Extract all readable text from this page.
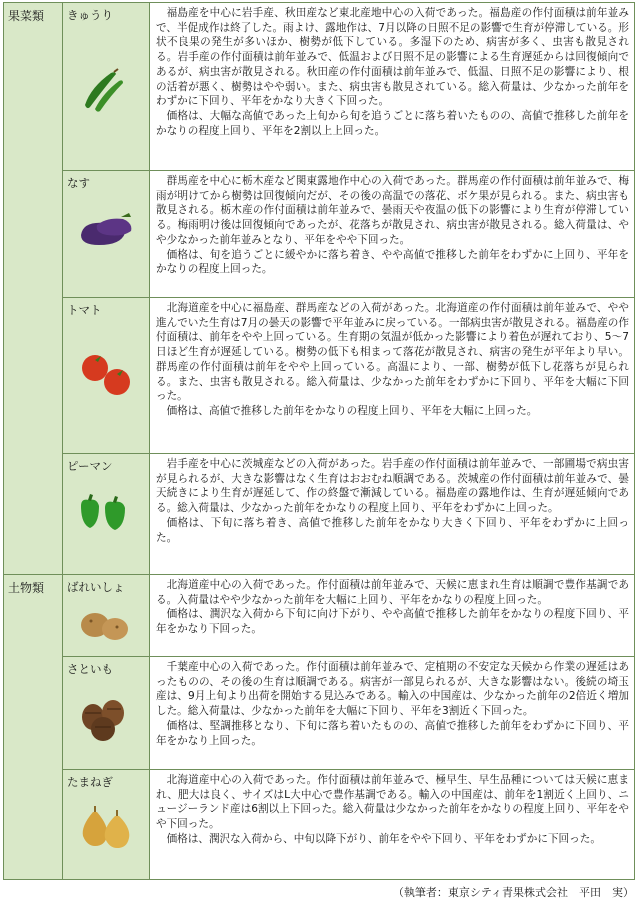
果菜類	きゅうり	福島産を中心に岩手産、秋田産など東北産地中心の入荷であった。福島産の作付面積は前年並みで、半促成作は終了した。雨よけ、露地作は、7月以降の日照不足の影響で生育が停滞している。形状不良果の発生が多いほか、樹勢が低下している。多湿下のため、病害が多く、虫害も散見される。岩手産の作付面積は前年並みで、低温および日照不足の影響による生育遅延からは回復傾向であるが、病虫害が散見される。秋田産の作付面積は前年並みで、低温、日照不足の影響により、根の活着が悪く、樹勢はやや弱い。また、病虫害も散見されている。総入荷量は、少なかった前年をわずかに下回り、平年をかなり大きく下回った。

価格は、大幅な高値であった上旬から旬を追うごとに落ち着いたものの、高値で推移した前年をかなりの程度上回り、平年を2割以上上回った。

	なす	群馬産を中心に栃木産など関東露地作中心の入荷であった。群馬産の作付面積は前年並みで、梅雨が明けてから樹勢は回復傾向だが、その後の高温での落花、ボケ果が見られる。また、病虫害も散見される。栃木産の作付面積は前年並みで、曇雨天や夜温の低下の影響により生育が停滞している。梅雨明け後は回復傾向であったが、花落ちが散見され、病虫害が散見される。総入荷量は、やや少なかった前年並みとなり、平年をやや下回った。

価格は、旬を追うごとに緩やかに落ち着き、やや高値で推移した前年をわずかに上回り、平年をかなりの程度上回った。

	トマト	北海道産を中心に福島産、群馬産などの入荷があった。北海道産の作付面積は前年並みで、やや進んでいた生育は7月の曇天の影響で平年並みに戻っている。一部病虫害が散見される。福島産の作付面積は、前年をやや上回っている。生育期の気温が低かった影響により着色が遅れており、5～7日ほど生育が遅延している。樹勢の低下も相まって落花が散見され、病害の発生が平年より早い。群馬産の作付面積は前年をやや上回っている。高温により、一部、樹勢が低下し花落ちが見られる。また、虫害も散見される。総入荷量は、少なかった前年をわずかに下回り、平年を大幅に下回った。

価格は、高値で推移した前年をかなりの程度上回り、平年を大幅に上回った。

	ピーマン	岩手産を中心に茨城産などの入荷があった。岩手産の作付面積は前年並みで、一部圃場で病虫害が見られるが、大きな影響はなく生育はおおむね順調である。茨城産の作付面積は前年並みで、曇天続きにより生育が遅延して、作の終盤で漸減している。福島産の露地作は、生育が遅延傾向である。総入荷量は、少なかった前年をかなりの程度上回り、平年をわずかに上回った。

価格は、下旬に落ち着き、高値で推移した前年をかなり大きく下回り、平年をわずかに上回った。

土物類	ばれいしょ	北海道産中心の入荷であった。作付面積は前年並みで、天候に恵まれ生育は順調で豊作基調である。入荷量はやや少なかった前年を大幅に上回り、平年をかなりの程度上回った。

価格は、潤沢な入荷から下旬に向け下がり、やや高値で推移した前年をかなりの程度下回り、平年をかなり下回った。

	さといも	千葉産中心の入荷であった。作付面積は前年並みで、定植期の不安定な天候から作業の遅延はあったものの、その後の生育は順調である。病害が一部見られるが、大きな影響はない。後続の埼玉産は、9月上旬より出荷を開始する見込みである。輸入の中国産は、少なかった前年の2倍近く増加した。総入荷量は、少なかった前年を大幅に下回り、平年を3割近く下回った。

価格は、堅調推移となり、下旬に落ち着いたものの、高値で推移した前年をわずかに下回り、平年をかなり上回った。

	たまねぎ	北海道産中心の入荷であった。作付面積は前年並みで、極早生、早生品種については天候に恵まれ、肥大は良く、サイズはL大中心で豊作基調である。輸入の中国産は、前年を1割近く上回り、ニュージーランド産は6割以上下回った。総入荷量は少なかった前年をかなりの程度上回り、平年をやや下回った。

価格は、潤沢な入荷から、中旬以降下がり、前年をやや下回り、平年をわずかに下回った。

（執筆者：東京シティ青果株式会社　平田　実）
